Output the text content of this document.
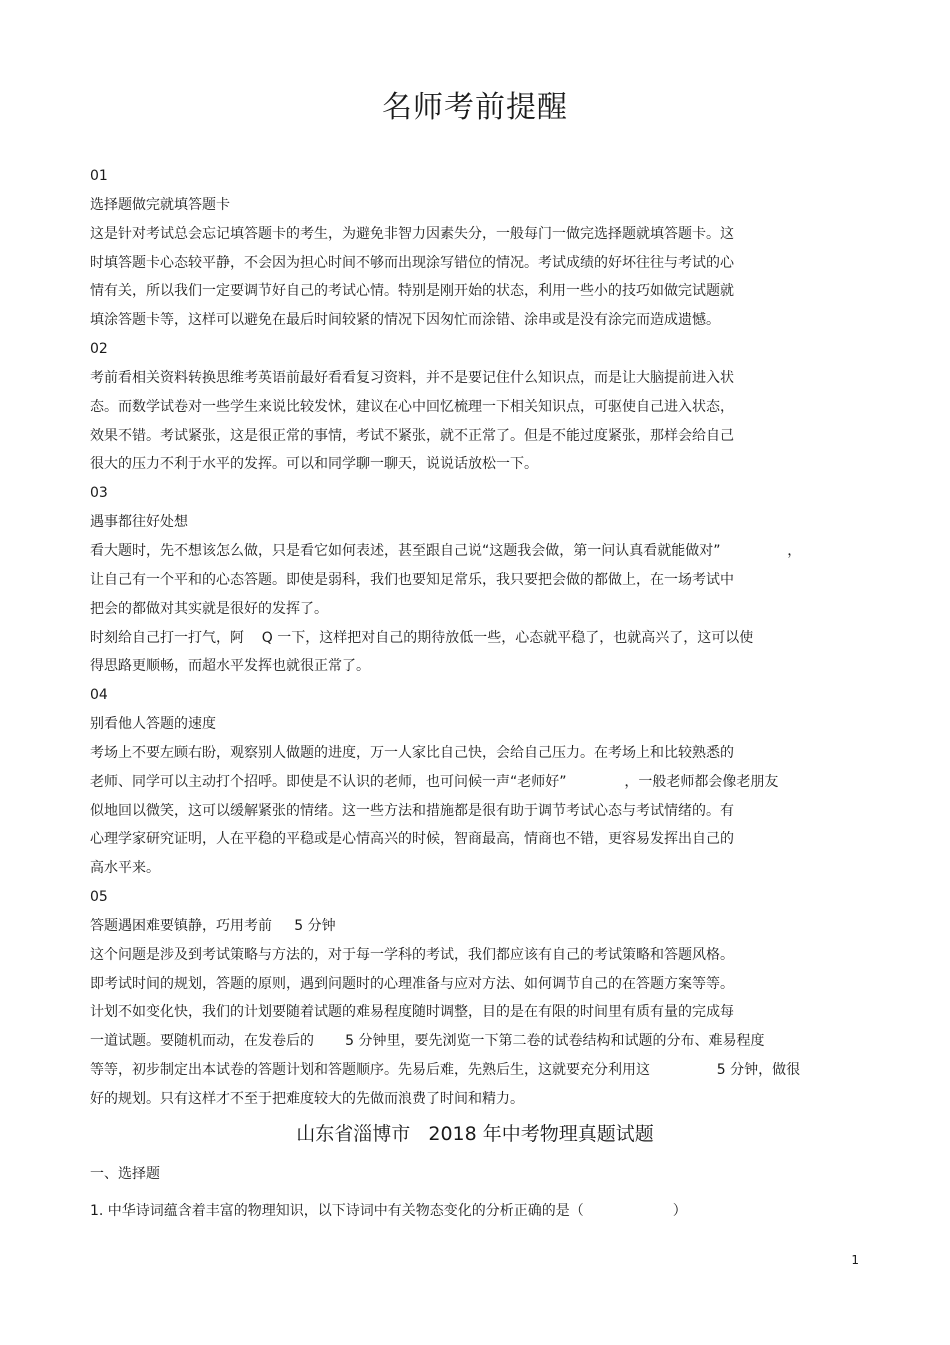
名师考前提醒
01
选择题做完就填答题卡
这是针对考试总会忘记填答题卡的考生，为避免非智力因素失分，一般每门一做完选择题就填答题卡。这
时填答题卡心态较平静，不会因为担心时间不够而出现涂写错位的情况。考试成绩的好坏往往与考试的心
情有关，所以我们一定要调节好自己的考试心情。特别是刚开始的状态，利用一些小的技巧如做完试题就
填涂答题卡等，这样可以避免在最后时间较紧的情况下因匆忙而涂错、涂串或是没有涂完而造成遗憾。
02
考前看相关资料转换思维考英语前最好看看复习资料，并不是要记住什么知识点，而是让大脑提前进入状
态。而数学试卷对一些学生来说比较发怵，建议在心中回忆梳理一下相关知识点，可驱使自己进入状态，
效果不错。考试紧张，这是很正常的事情，考试不紧张，就不正常了。但是不能过度紧张，那样会给自己
很大的压力不利于水平的发挥。可以和同学聊一聊天，说说话放松一下。
03
遇事都往好处想
看大题时，先不想该怎么做，只是看它如何表述，甚至跟自己说“这题我会做，第一问认真看就能做对”               ，
让自己有一个平和的心态答题。即使是弱科，我们也要知足常乐，我只要把会做的都做上，在一场考试中
把会的都做对其实就是很好的发挥了。
时刻给自己打一打气，阿    Q 一下，这样把对自己的期待放低一些，心态就平稳了，也就高兴了，这可以使
得思路更顺畅，而超水平发挥也就很正常了。
04
别看他人答题的速度
考场上不要左顾右盼，观察别人做题的进度，万一人家比自己快，会给自己压力。在考场上和比较熟悉的
老师、同学可以主动打个招呼。即使是不认识的老师，也可问候一声“老师好”             ，一般老师都会像老朋友
似地回以微笑，这可以缓解紧张的情绪。这一些方法和措施都是很有助于调节考试心态与考试情绪的。有
心理学家研究证明，人在平稳的平稳或是心情高兴的时候，智商最高，情商也不错，更容易发挥出自己的
高水平来。
05
答题遇困难要镇静，巧用考前     5 分钟
这个问题是涉及到考试策略与方法的，对于每一学科的考试，我们都应该有自己的考试策略和答题风格。
即考试时间的规划，答题的原则，遇到问题时的心理准备与应对方法、如何调节自己的在答题方案等等。
计划不如变化快，我们的计划要随着试题的难易程度随时调整，目的是在有限的时间里有质有量的完成每
一道试题。要随机而动，在发卷后的       5 分钟里，要先浏览一下第二卷的试卷结构和试题的分布、难易程度
等等，初步制定出本试卷的答题计划和答题顺序。先易后难，先熟后生，这就要充分利用这               5 分钟，做很
好的规划。只有这样才不至于把难度较大的先做而浪费了时间和精力。
山东省淄博市   2018 年中考物理真题试题
一、选择题
1. 中华诗词蕴含着丰富的物理知识，以下诗词中有关物态变化的分析正确的是（                    ）
1
